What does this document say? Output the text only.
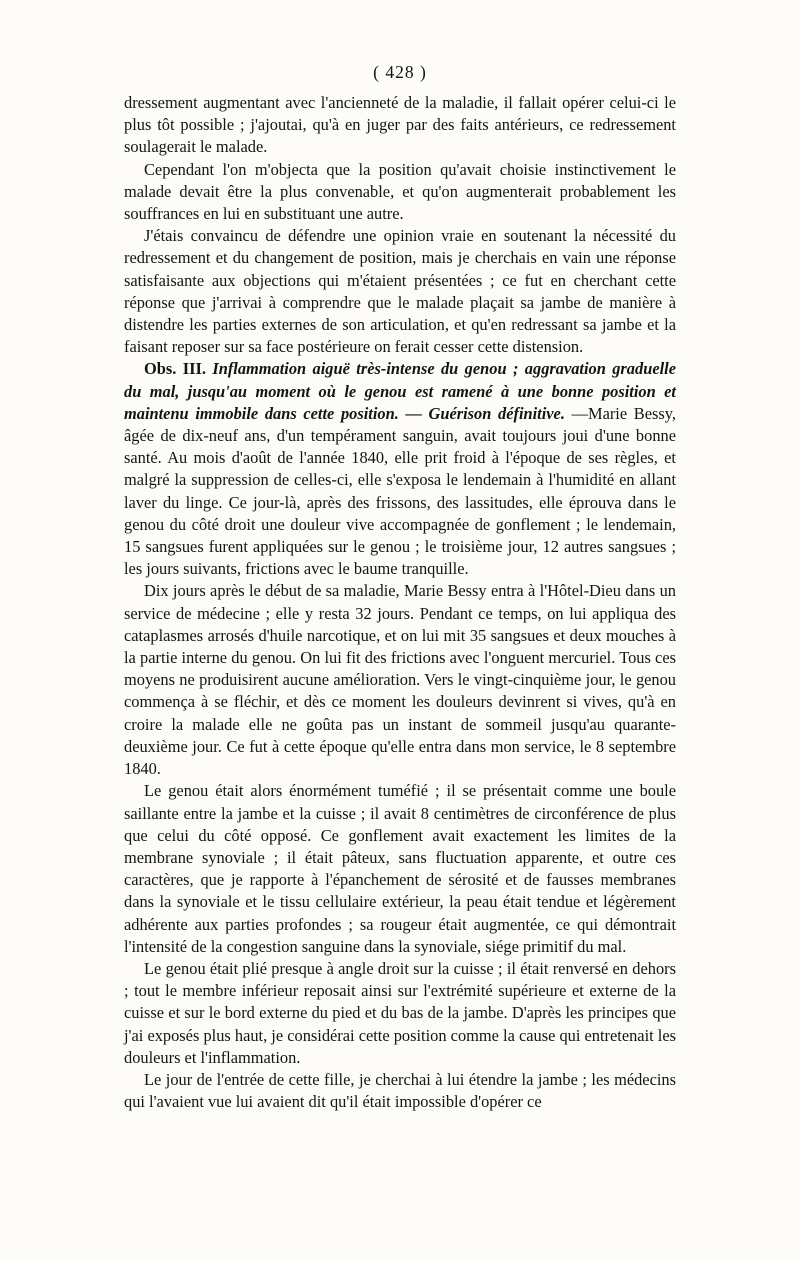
( 428 )

dressement augmentant avec l'ancienneté de la maladie, il fallait opérer celui-ci le plus tôt possible ; j'ajoutai, qu'à en juger par des faits antérieurs, ce redressement soulagerait le malade.

Cependant l'on m'objecta que la position qu'avait choisie instinctivement le malade devait être la plus convenable, et qu'on augmenterait probablement les souffrances en lui en substituant une autre.

J'étais convaincu de défendre une opinion vraie en soutenant la nécessité du redressement et du changement de position, mais je cherchais en vain une réponse satisfaisante aux objections qui m'étaient présentées ; ce fut en cherchant cette réponse que j'arrivai à comprendre que le malade plaçait sa jambe de manière à distendre les parties externes de son articulation, et qu'en redressant sa jambe et la faisant reposer sur sa face postérieure on ferait cesser cette distension.

Obs. III. Inflammation aiguë très-intense du genou ; aggravation graduelle du mal, jusqu'au moment où le genou est ramené à une bonne position et maintenu immobile dans cette position. — Guérison définitive. —Marie Bessy, âgée de dix-neuf ans, d'un tempérament sanguin, avait toujours joui d'une bonne santé. Au mois d'août de l'année 1840, elle prit froid à l'époque de ses règles, et malgré la suppression de celles-ci, elle s'exposa le lendemain à l'humidité en allant laver du linge. Ce jour-là, après des frissons, des lassitudes, elle éprouva dans le genou du côté droit une douleur vive accompagnée de gonflement ; le lendemain, 15 sangsues furent appliquées sur le genou ; le troisième jour, 12 autres sangsues ; les jours suivants, frictions avec le baume tranquille.

Dix jours après le début de sa maladie, Marie Bessy entra à l'Hôtel-Dieu dans un service de médecine ; elle y resta 32 jours. Pendant ce temps, on lui appliqua des cataplasmes arrosés d'huile narcotique, et on lui mit 35 sangsues et deux mouches à la partie interne du genou. On lui fit des frictions avec l'onguent mercuriel. Tous ces moyens ne produisirent aucune amélioration. Vers le vingt-cinquième jour, le genou commença à se fléchir, et dès ce moment les douleurs devinrent si vives, qu'à en croire la malade elle ne goûta pas un instant de sommeil jusqu'au quarante-deuxième jour. Ce fut à cette époque qu'elle entra dans mon service, le 8 septembre 1840.

Le genou était alors énormément tuméfié ; il se présentait comme une boule saillante entre la jambe et la cuisse ; il avait 8 centimètres de circonférence de plus que celui du côté opposé. Ce gonflement avait exactement les limites de la membrane synoviale ; il était pâteux, sans fluctuation apparente, et outre ces caractères, que je rapporte à l'épanchement de sérosité et de fausses membranes dans la synoviale et le tissu cellulaire extérieur, la peau était tendue et légèrement adhérente aux parties profondes ; sa rougeur était augmentée, ce qui démontrait l'intensité de la congestion sanguine dans la synoviale, siége primitif du mal.

Le genou était plié presque à angle droit sur la cuisse ; il était renversé en dehors ; tout le membre inférieur reposait ainsi sur l'extrémité supérieure et externe de la cuisse et sur le bord externe du pied et du bas de la jambe. D'après les principes que j'ai exposés plus haut, je considérai cette position comme la cause qui entretenait les douleurs et l'inflammation.

Le jour de l'entrée de cette fille, je cherchai à lui étendre la jambe ; les médecins qui l'avaient vue lui avaient dit qu'il était impossible d'opérer ce
